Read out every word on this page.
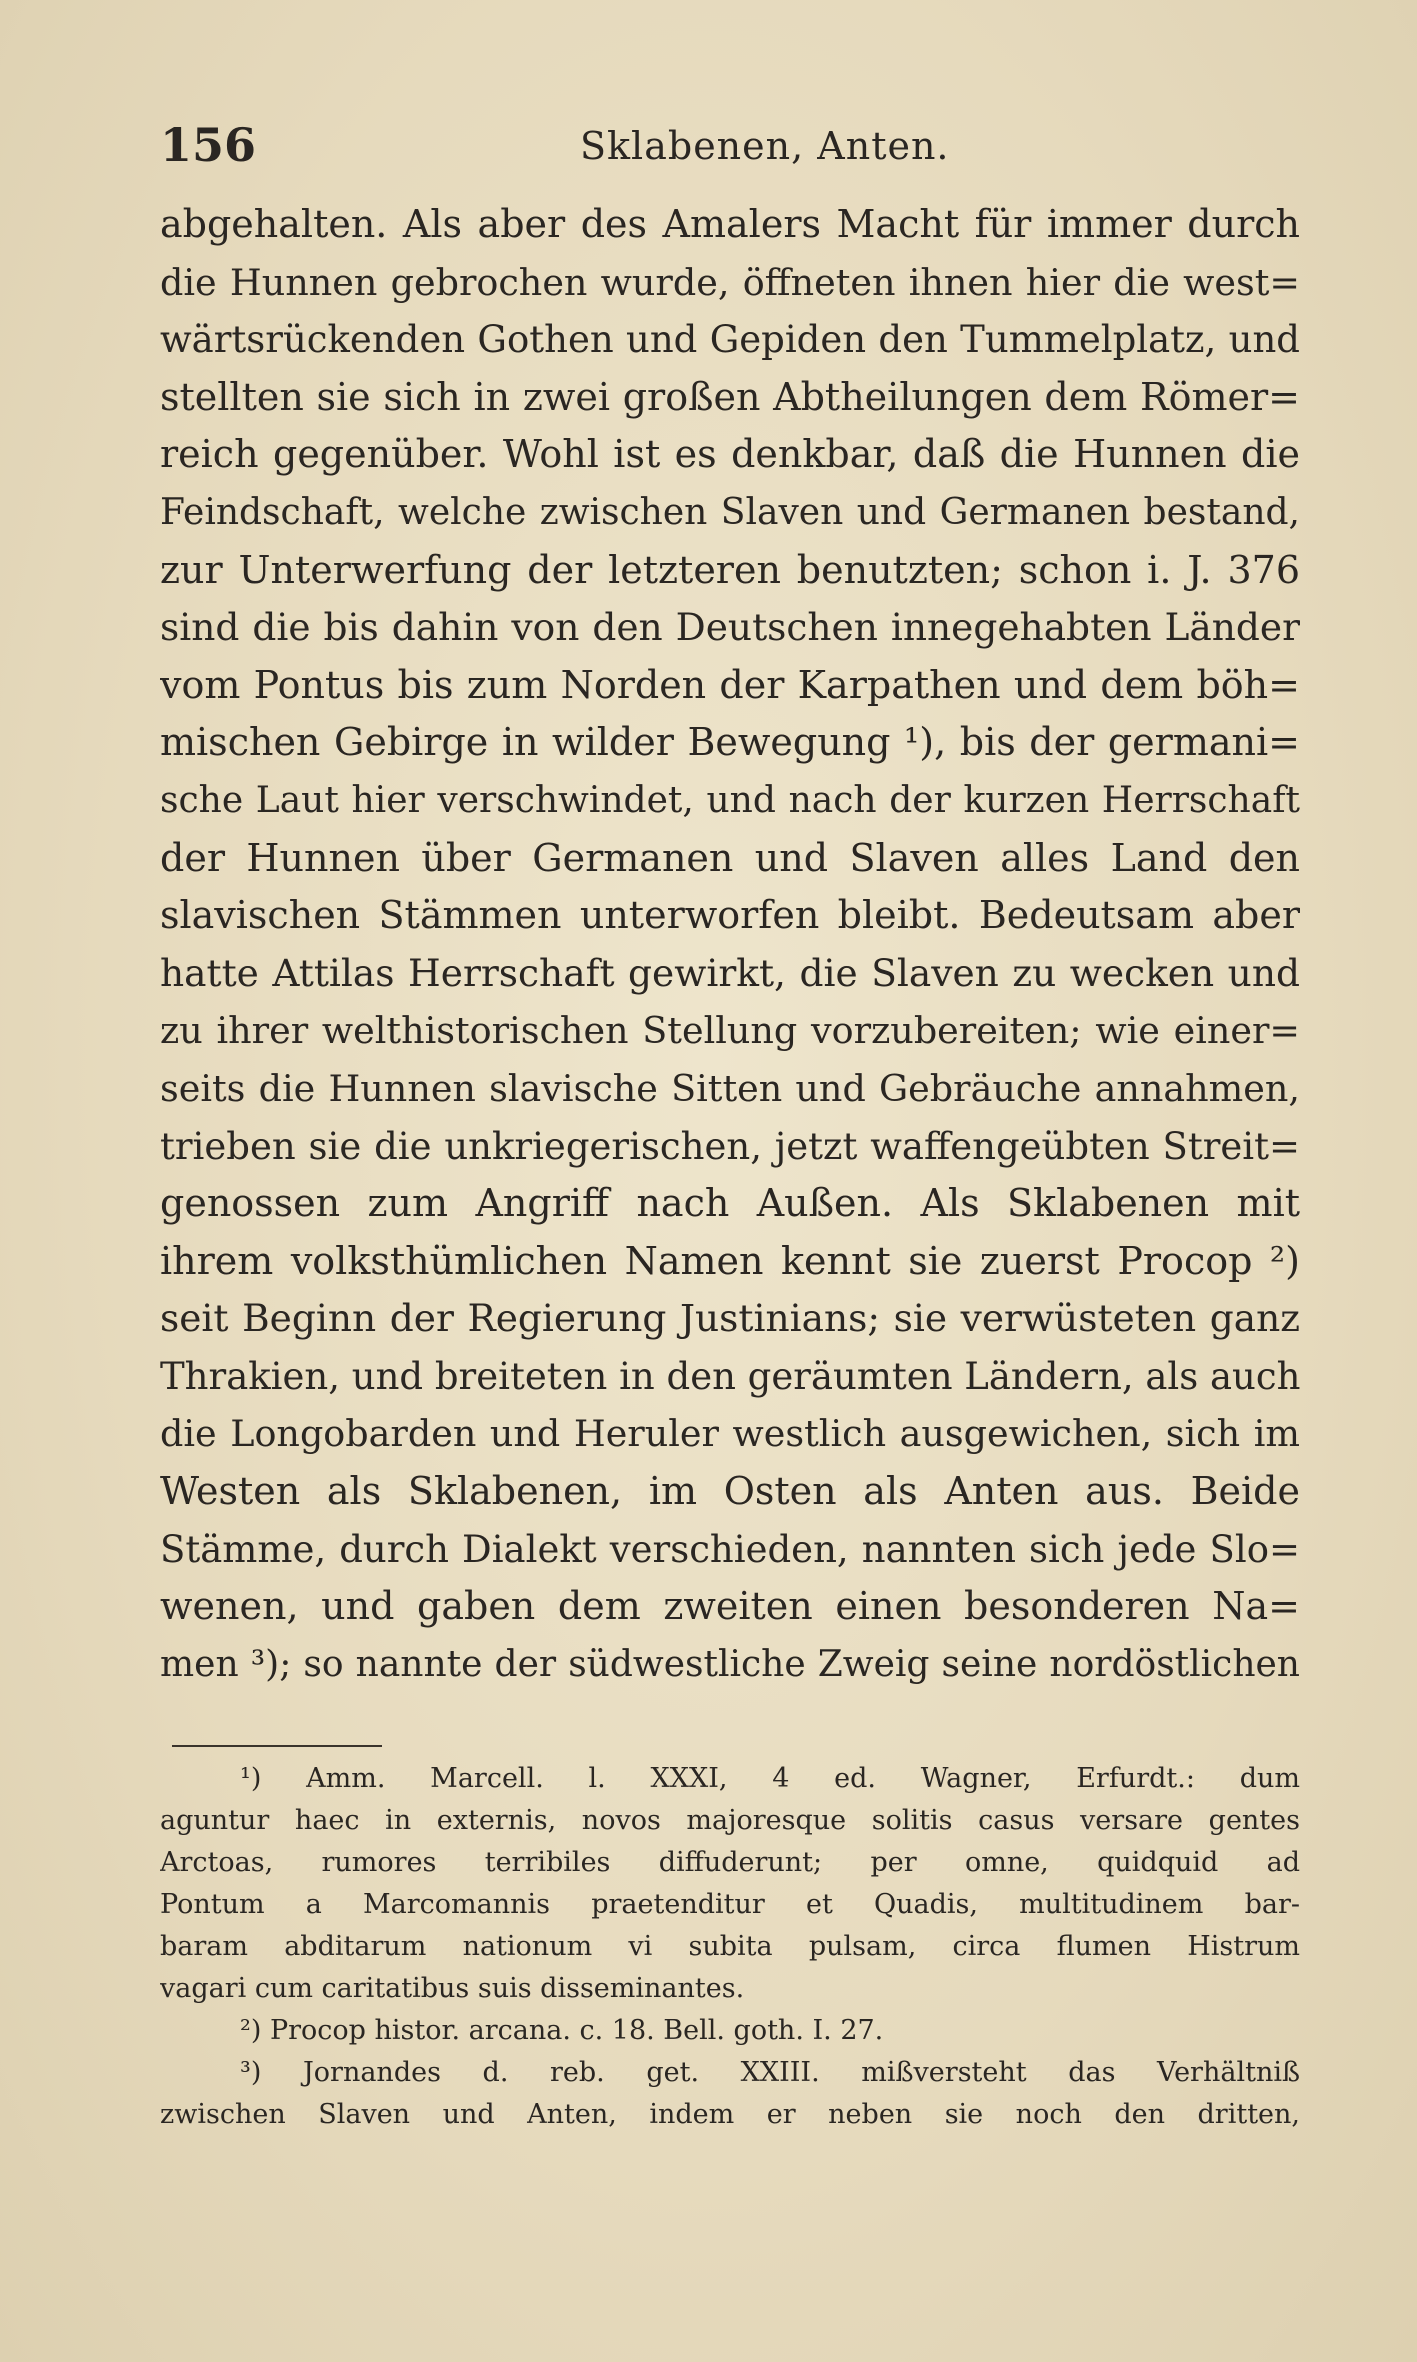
156	Sklabenen, Anten.
abgehalten. Als aber des Amalers Macht für immer durch
die Hunnen gebrochen wurde, öffneten ihnen hier die west=
wärtsrückenden Gothen und Gepiden den Tummelplatz, und
stellten sie sich in zwei großen Abtheilungen dem Römer=
reich gegenüber. Wohl ist es denkbar, daß die Hunnen die
Feindschaft, welche zwischen Slaven und Germanen bestand,
zur Unterwerfung der letzteren benutzten; schon i. J. 376
sind die bis dahin von den Deutschen innegehabten Länder
vom Pontus bis zum Norden der Karpathen und dem böh=
mischen Gebirge in wilder Bewegung ¹), bis der germani=
sche Laut hier verschwindet, und nach der kurzen Herrschaft
der Hunnen über Germanen und Slaven alles Land den
slavischen Stämmen unterworfen bleibt. Bedeutsam aber
hatte Attilas Herrschaft gewirkt, die Slaven zu wecken und
zu ihrer welthistorischen Stellung vorzubereiten; wie einer=
seits die Hunnen slavische Sitten und Gebräuche annahmen,
trieben sie die unkriegerischen, jetzt waffengeübten Streit=
genossen zum Angriff nach Außen. Als Sklabenen mit
ihrem volksthümlichen Namen kennt sie zuerst Procop ²)
seit Beginn der Regierung Justinians; sie verwüsteten ganz
Thrakien, und breiteten in den geräumten Ländern, als auch
die Longobarden und Heruler westlich ausgewichen, sich im
Westen als Sklabenen, im Osten als Anten aus. Beide
Stämme, durch Dialekt verschieden, nannten sich jede Slo=
wenen, und gaben dem zweiten einen besonderen Na=
men ³); so nannte der südwestliche Zweig seine nordöstlichen
¹) Amm. Marcell. l. XXXI, 4 ed. Wagner, Erfurdt.: dum
aguntur haec in externis, novos majoresque solitis casus versare gentes
Arctoas, rumores terribiles diffuderunt; per omne, quidquid ad
Pontum a Marcomannis praetenditur et Quadis, multitudinem bar-
baram abditarum nationum vi subita pulsam, circa flumen Histrum
vagari cum caritatibus suis disseminantes.
²) Procop histor. arcana. c. 18. Bell. goth. I. 27.
³) Jornandes d. reb. get. XXIII. mißversteht das Verhältniß
zwischen Slaven und Anten, indem er neben sie noch den dritten,
